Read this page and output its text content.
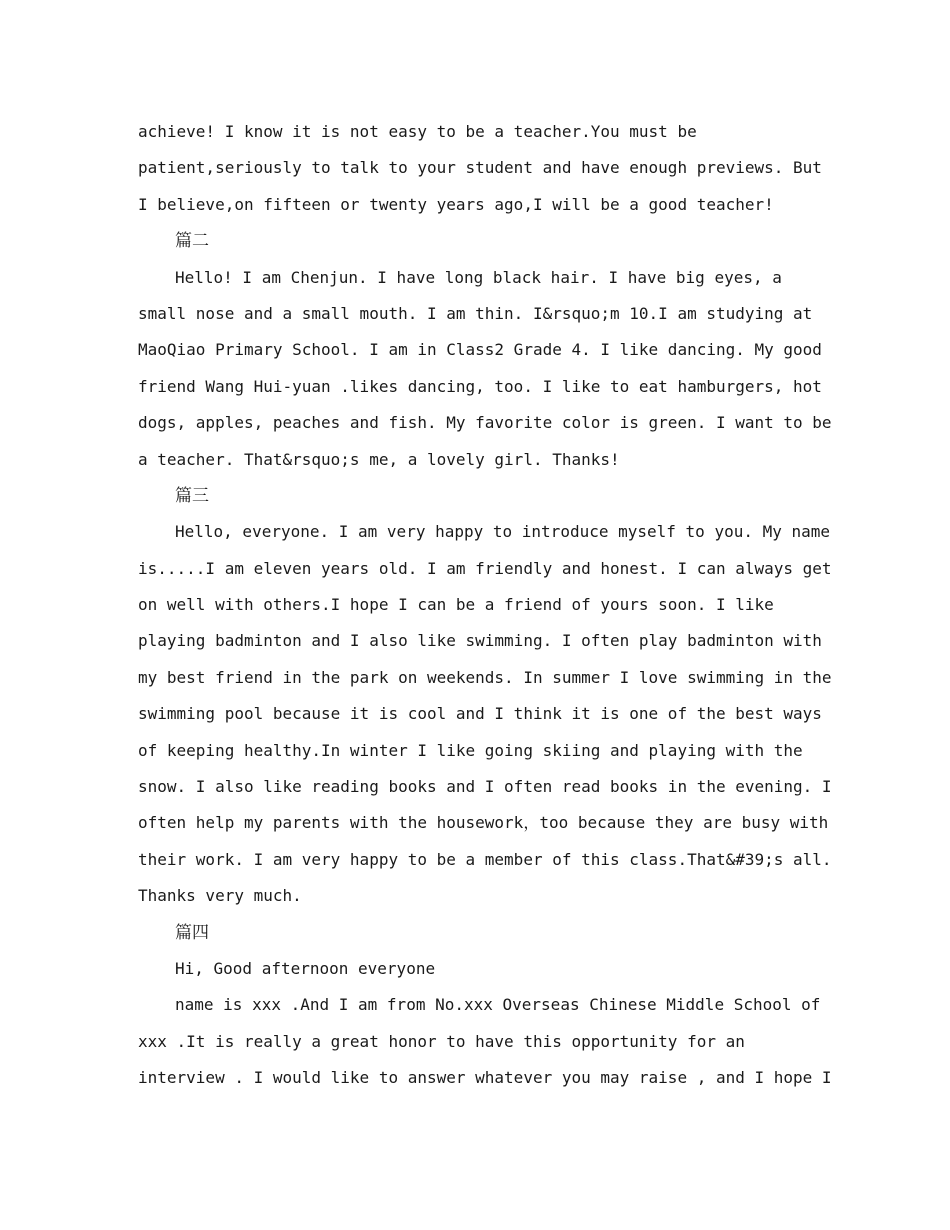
achieve! I know it is not easy to be a teacher.You must be
patient,seriously to talk to your student and have enough previews. But
I believe,on fifteen or twenty years ago,I will be a good teacher!
篇二
Hello! I am Chenjun. I have long black hair. I have big eyes, a
small nose and a small mouth. I am thin. I&rsquo;m 10.I am studying at
MaoQiao Primary School. I am in Class2 Grade 4. I like dancing. My good
friend Wang Hui-yuan .likes dancing, too. I like to eat hamburgers, hot
dogs, apples, peaches and fish. My favorite color is green. I want to be
a teacher. That&rsquo;s me, a lovely girl. Thanks!
篇三
Hello, everyone. I am very happy to introduce myself to you. My name
is.....I am eleven years old. I am friendly and honest. I can always get
on well with others.I hope I can be a friend of yours soon. I like
playing badminton and I also like swimming. I often play badminton with
my best friend in the park on weekends. In summer I love swimming in the
swimming pool because it is cool and I think it is one of the best ways
of keeping healthy.In winter I like going skiing and playing with the
snow. I also like reading books and I often read books in the evening. I
often help my parents with the housework，too because they are busy with
their work. I am very happy to be a member of this class.That&#39;s all.
Thanks very much.
篇四
Hi, Good afternoon everyone
name is xxx .And I am from No.xxx Overseas Chinese Middle School of
xxx .It is really a great honor to have this opportunity for an
interview . I would like to answer whatever you may raise , and I hope I
